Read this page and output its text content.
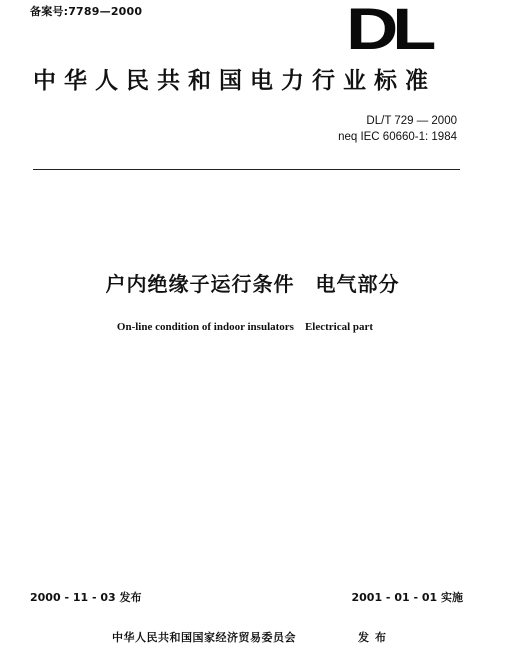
备案号:7789—2000	DL
中华人民共和国电力行业标准
DL/T 729 — 2000
neq IEC 60660-1: 1984
户内绝缘子运行条件　电气部分
On-line condition of indoor insulators　Electrical part
2000 - 11 - 03 发布	2001 - 01 - 01 实施
中华人民共和国国家经济贸易委员会	发布
